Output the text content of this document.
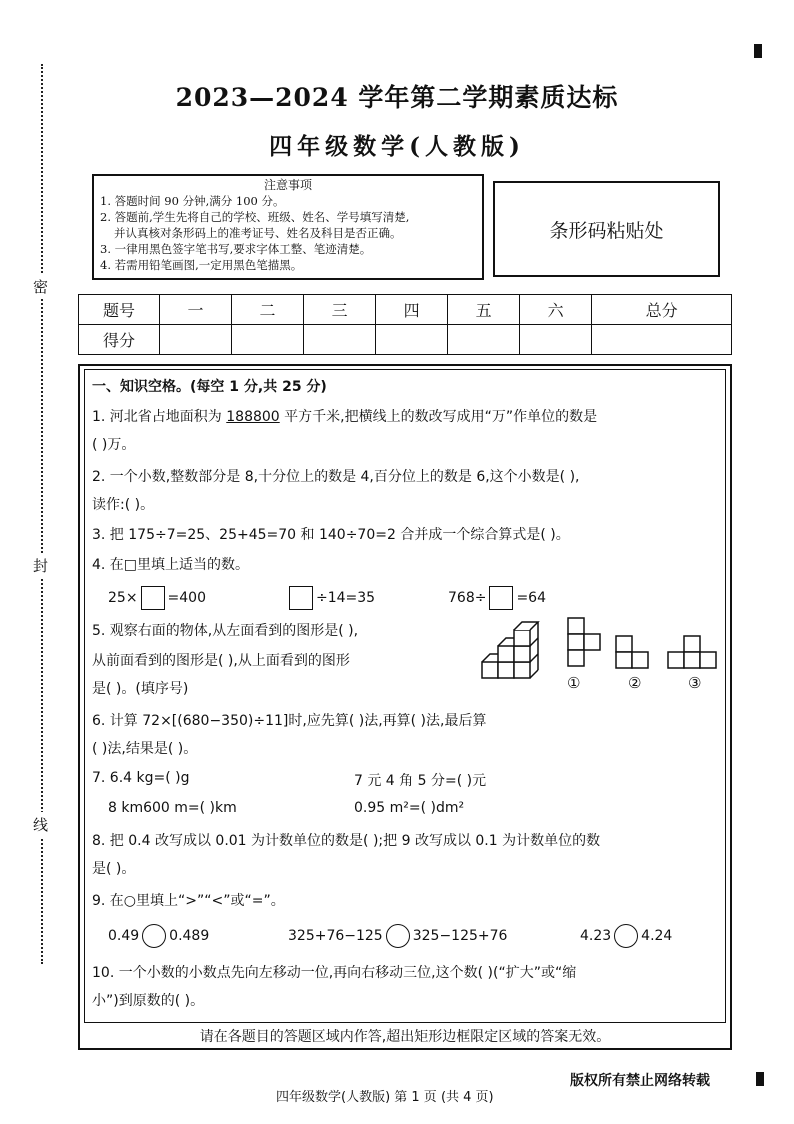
密
封
线
2023—2024 学年第二学期素质达标
四年级数学(人教版)
注意事项
1. 答题时间 90 分钟,满分 100 分。
2. 答题前,学生先将自己的学校、班级、姓名、学号填写清楚,
并认真核对条形码上的准考证号、姓名及科目是否正确。
3. 一律用黑色签字笔书写,要求字体工整、笔迹清楚。
4. 若需用铅笔画图,一定用黑色笔描黑。
条形码粘贴处
题号	一	二	三	四	五	六	总分
得分							
一、知识空格。(每空 1 分,共 25 分)
1. 河北省占地面积为 188800 平方千米,把横线上的数改写成用“万”作单位的数是
( )万。
2. 一个小数,整数部分是 8,十分位上的数是 4,百分位上的数是 6,这个小数是( ),
读作:( )。
3. 把 175÷7=25、25+45=70 和 140÷70=2 合并成一个综合算式是( )。
4. 在□里填上适当的数。
25× =400	÷14=35	768÷ =64
5. 观察右面的物体,从左面看到的图形是( ),
从前面看到的图形是( ),从上面看到的图形
是( )。(填序号)	①	②	③
6. 计算 72×[(680−350)÷11]时,应先算( )法,再算( )法,最后算
( )法,结果是( )。
7. 6.4 kg=( )g	7 元 4 角 5 分=( )元
8 km600 m=( )km	0.95 m²=( )dm²
8. 把 0.4 改写成以 0.01 为计数单位的数是( );把 9 改写成以 0.1 为计数单位的数
是( )。
9. 在○里填上“>”“<”或“=”。
0.49 0.489	325+76−125 325−125+76	4.23 4.24
10. 一个小数的小数点先向左移动一位,再向右移动三位,这个数( )(“扩大”或“缩
小”)到原数的( )。
请在各题目的答题区域内作答,超出矩形边框限定区域的答案无效。
四年级数学(人教版) 第 1 页 (共 4 页)
版权所有禁止网络转载
